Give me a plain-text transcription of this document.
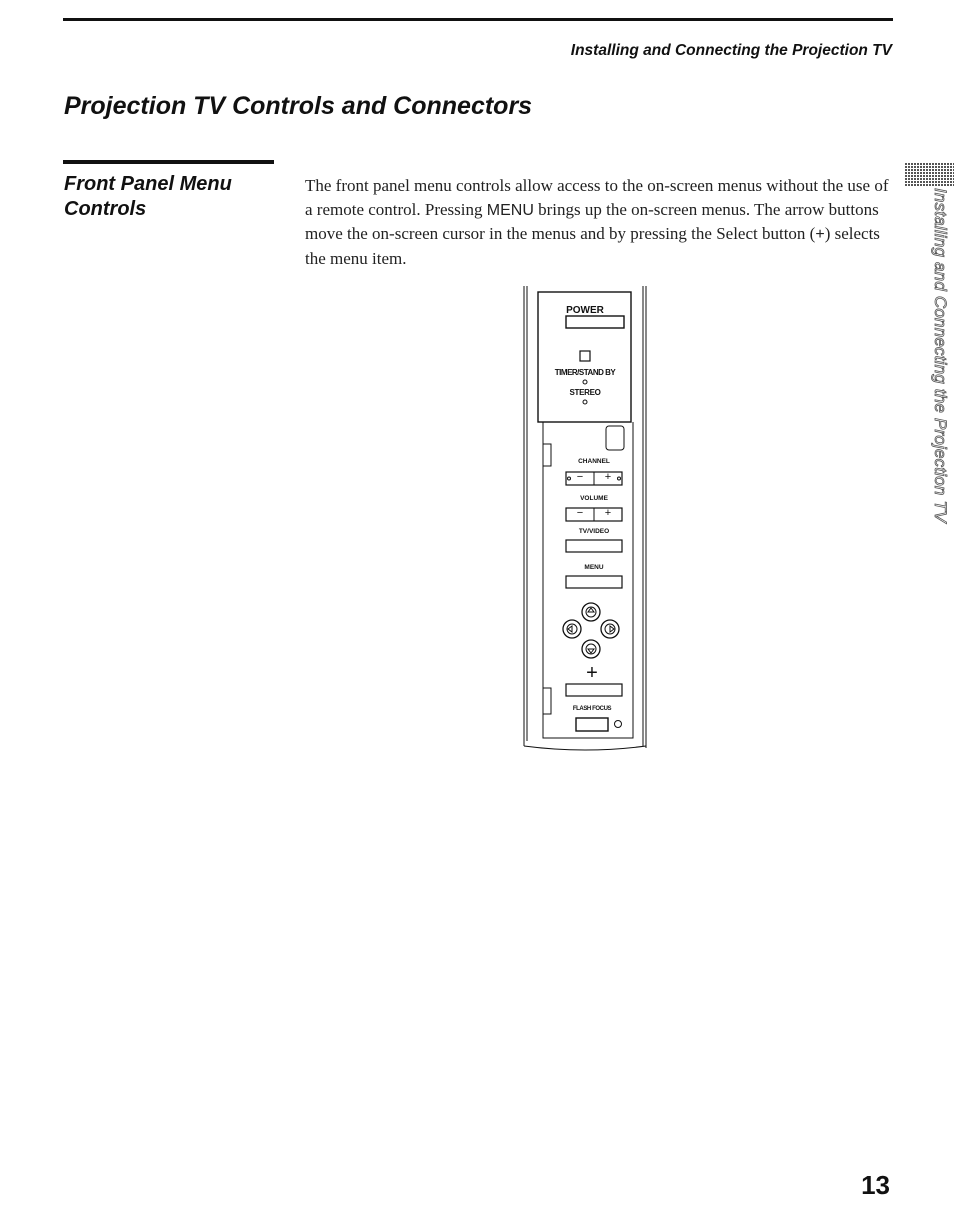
Installing and Connecting the Projection TV
Projection TV Controls and Connectors
Front Panel Menu Controls

The front panel menu controls allow access to the on-screen menus without the use of a remote control. Pressing MENU brings up the on-screen menus. The arrow buttons move the on-screen cursor in the menus and by pressing the Select button (+) selects the menu item.	Installing and Connecting the Projection TV
POWER
TIMER/STAND BY
STEREO
CHANNEL
− +
VOLUME
− +
TV/VIDEO
MENU
+
FLASH FOCUS
13
